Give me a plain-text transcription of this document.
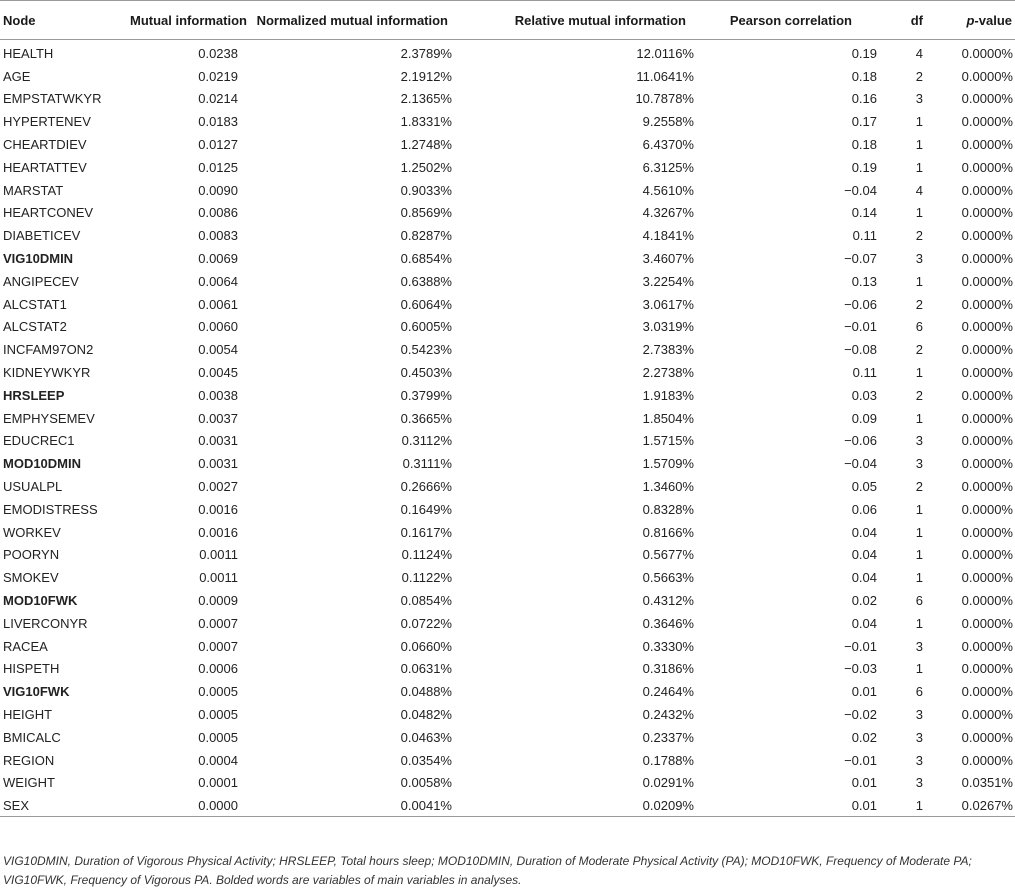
Node	Mutual information	Normalized mutual information	Relative mutual information	Pearson correlation	df	p-value
HEALTH	0.0238	2.3789%	12.0116%	0.19	4	0.0000%
AGE	0.0219	2.1912%	11.0641%	0.18	2	0.0000%
EMPSTATWKYR	0.0214	2.1365%	10.7878%	0.16	3	0.0000%
HYPERTENEV	0.0183	1.8331%	9.2558%	0.17	1	0.0000%
CHEARTDIEV	0.0127	1.2748%	6.4370%	0.18	1	0.0000%
HEARTATTEV	0.0125	1.2502%	6.3125%	0.19	1	0.0000%
MARSTAT	0.0090	0.9033%	4.5610%	−0.04	4	0.0000%
HEARTCONEV	0.0086	0.8569%	4.3267%	0.14	1	0.0000%
DIABETICEV	0.0083	0.8287%	4.1841%	0.11	2	0.0000%
VIG10DMIN	0.0069	0.6854%	3.4607%	−0.07	3	0.0000%
ANGIPECEV	0.0064	0.6388%	3.2254%	0.13	1	0.0000%
ALCSTAT1	0.0061	0.6064%	3.0617%	−0.06	2	0.0000%
ALCSTAT2	0.0060	0.6005%	3.0319%	−0.01	6	0.0000%
INCFAM97ON2	0.0054	0.5423%	2.7383%	−0.08	2	0.0000%
KIDNEYWKYR	0.0045	0.4503%	2.2738%	0.11	1	0.0000%
HRSLEEP	0.0038	0.3799%	1.9183%	0.03	2	0.0000%
EMPHYSEMEV	0.0037	0.3665%	1.8504%	0.09	1	0.0000%
EDUCREC1	0.0031	0.3112%	1.5715%	−0.06	3	0.0000%
MOD10DMIN	0.0031	0.3111%	1.5709%	−0.04	3	0.0000%
USUALPL	0.0027	0.2666%	1.3460%	0.05	2	0.0000%
EMODISTRESS	0.0016	0.1649%	0.8328%	0.06	1	0.0000%
WORKEV	0.0016	0.1617%	0.8166%	0.04	1	0.0000%
POORYN	0.0011	0.1124%	0.5677%	0.04	1	0.0000%
SMOKEV	0.0011	0.1122%	0.5663%	0.04	1	0.0000%
MOD10FWK	0.0009	0.0854%	0.4312%	0.02	6	0.0000%
LIVERCONYR	0.0007	0.0722%	0.3646%	0.04	1	0.0000%
RACEA	0.0007	0.0660%	0.3330%	−0.01	3	0.0000%
HISPETH	0.0006	0.0631%	0.3186%	−0.03	1	0.0000%
VIG10FWK	0.0005	0.0488%	0.2464%	0.01	6	0.0000%
HEIGHT	0.0005	0.0482%	0.2432%	−0.02	3	0.0000%
BMICALC	0.0005	0.0463%	0.2337%	0.02	3	0.0000%
REGION	0.0004	0.0354%	0.1788%	−0.01	3	0.0000%
WEIGHT	0.0001	0.0058%	0.0291%	0.01	3	0.0351%
SEX	0.0000	0.0041%	0.0209%	0.01	1	0.0267%
VIG10DMIN, Duration of Vigorous Physical Activity; HRSLEEP, Total hours sleep; MOD10DMIN, Duration of Moderate Physical Activity (PA); MOD10FWK, Frequency of Moderate PA;
VIG10FWK, Frequency of Vigorous PA. Bolded words are variables of main variables in analyses.
